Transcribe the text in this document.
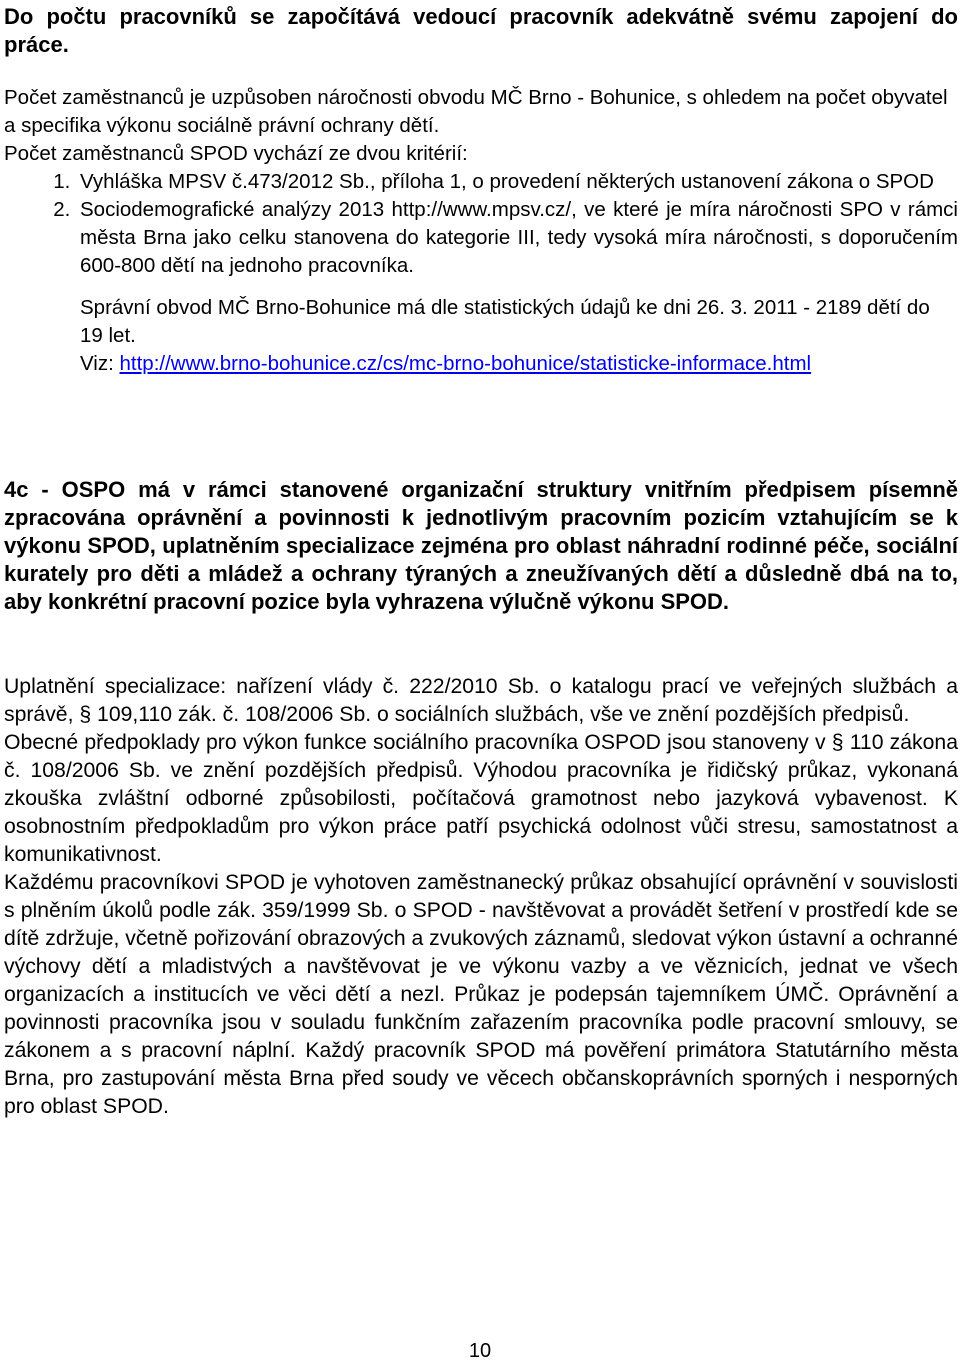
Do počtu pracovníků se započítává vedoucí pracovník adekvátně svému zapojení do práce.

Počet zaměstnanců je uzpůsoben náročnosti obvodu MČ Brno - Bohunice, s ohledem na počet obyvatel a specifika výkonu sociálně právní ochrany dětí.

Počet zaměstnanců SPOD vychází ze dvou kritérií:

1. Vyhláška MPSV č.473/2012 Sb., příloha 1, o provedení některých ustanovení zákona o SPOD
2. Sociodemografické analýzy 2013 http://www.mpsv.cz/, ve které je míra náročnosti SPO v rámci města Brna jako celku stanovena do kategorie III, tedy vysoká míra náročnosti, s doporučením 600-800 dětí na jednoho pracovníka.

Správní obvod MČ Brno-Bohunice má dle statistických údajů ke dni 26. 3. 2011 - 2189 dětí do 19 let.

Viz: http://www.brno-bohunice.cz/cs/mc-brno-bohunice/statisticke-informace.html

4c - OSPO má v rámci stanovené organizační struktury vnitřním předpisem písemně zpracována oprávnění a povinnosti k jednotlivým pracovním pozicím vztahujícím se k výkonu SPOD, uplatněním specializace zejména pro oblast náhradní rodinné péče, sociální kurately pro děti a mládež a ochrany týraných a zneužívaných dětí a důsledně dbá na to, aby konkrétní pracovní pozice byla vyhrazena výlučně výkonu SPOD.

Uplatnění specializace: nařízení vlády č. 222/2010 Sb. o katalogu prací ve veřejných službách a správě, § 109,110 zák. č. 108/2006 Sb. o sociálních službách, vše ve znění pozdějších předpisů.

Obecné předpoklady pro výkon funkce sociálního pracovníka OSPOD jsou stanoveny v § 110 zákona č. 108/2006 Sb. ve znění pozdějších předpisů. Výhodou pracovníka je řidičský průkaz, vykonaná zkouška zvláštní odborné způsobilosti, počítačová gramotnost nebo jazyková vybavenost. K osobnostním předpokladům pro výkon práce patří psychická odolnost vůči stresu, samostatnost a komunikativnost.

Každému pracovníkovi SPOD je vyhotoven zaměstnanecký průkaz obsahující oprávnění v souvislosti s plněním úkolů podle zák. 359/1999 Sb. o SPOD - navštěvovat a provádět šetření v prostředí kde se dítě zdržuje, včetně pořizování obrazových a zvukových záznamů, sledovat výkon ústavní a ochranné výchovy dětí a mladistvých a navštěvovat je ve výkonu vazby a ve věznicích, jednat ve všech organizacích a institucích ve věci dětí a nezl. Průkaz je podepsán tajemníkem ÚMČ. Oprávnění a povinnosti pracovníka jsou v souladu funkčním zařazením pracovníka podle pracovní smlouvy, se zákonem a s pracovní náplní. Každý pracovník SPOD má pověření primátora Statutárního města Brna, pro zastupování města Brna před soudy ve věcech občanskoprávních sporných i nesporných pro oblast SPOD.

10
